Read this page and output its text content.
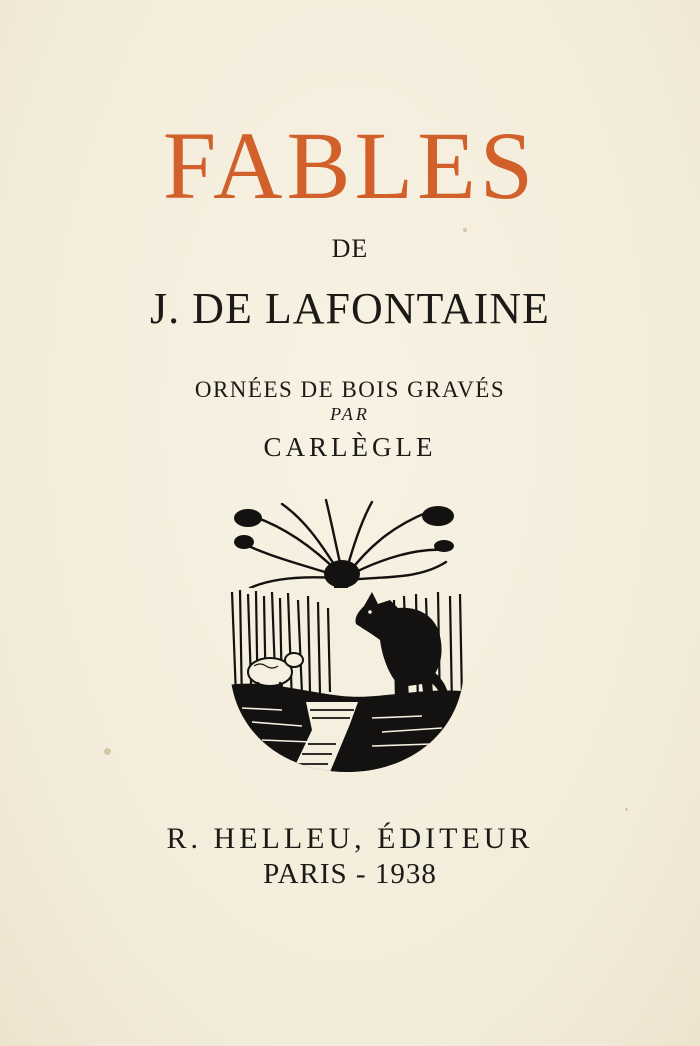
FABLES
DE
J. DE LAFONTAINE
ORNÉES DE BOIS GRAVÉS
PAR
CARLÈGLE
R. HELLEU, ÉDITEUR
PARIS - 1938
